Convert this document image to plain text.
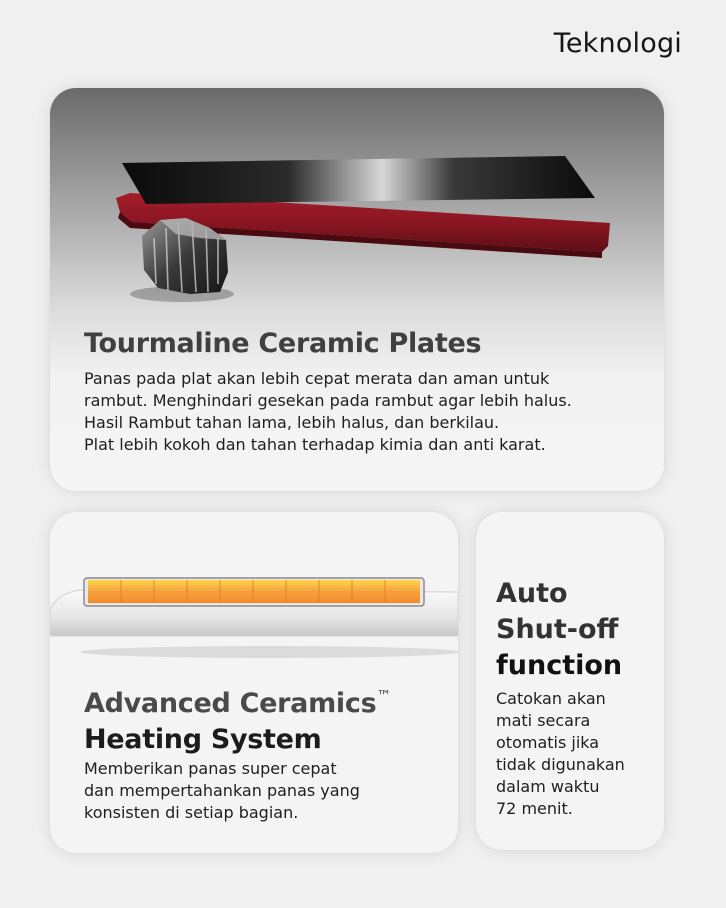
Teknologi
Tourmaline Ceramic Plates
Panas pada plat akan lebih cepat merata dan aman untuk
rambut. Menghindari gesekan pada rambut agar lebih halus.
Hasil Rambut tahan lama, lebih halus, dan berkilau.
Plat lebih kokoh dan tahan terhadap kimia dan anti karat.
Advanced Ceramics™
Heating System
Memberikan panas super cepat
dan mempertahankan panas yang
konsisten di setiap bagian.
Auto
Shut-off
function
Catokan akan
mati secara
otomatis jika
tidak digunakan
dalam waktu
72 menit.
